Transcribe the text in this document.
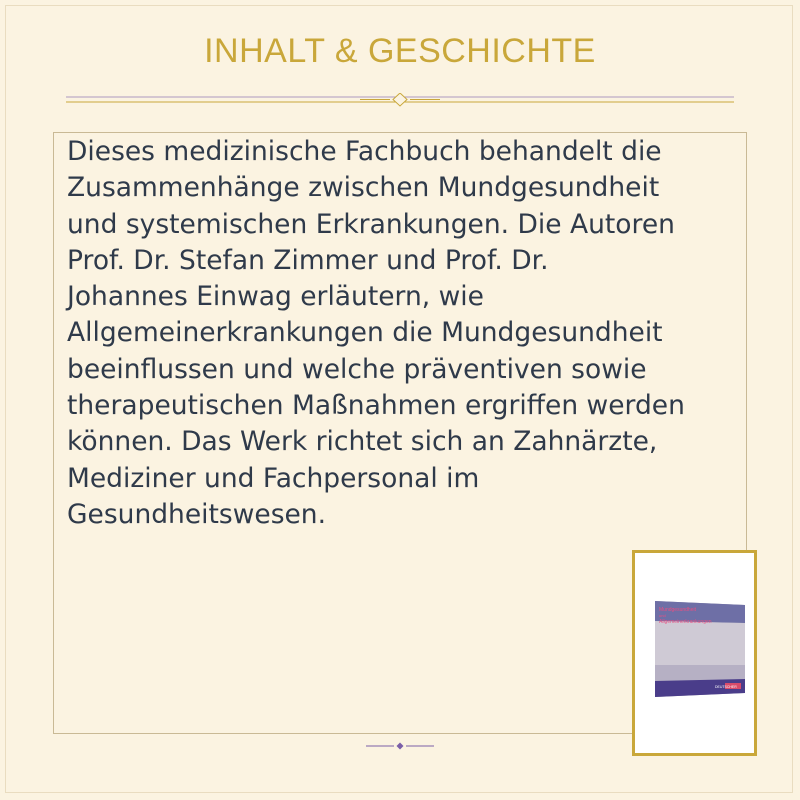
INHALT & GESCHICHTE

Dieses medizinische Fachbuch behandelt die
Zusammenhänge zwischen Mundgesundheit
und systemischen Erkrankungen. Die Autoren
Prof. Dr. Stefan Zimmer und Prof. Dr.
Johannes Einwag erläutern, wie
Allgemeinerkrankungen die Mundgesundheit
beeinflussen und welche präventiven sowie
therapeutischen Maßnahmen ergriffen werden
können. Das Werk richtet sich an Zahnärzte,
Mediziner und Fachpersonal im
Gesundheitswesen.

Mundgesundheit
und
Allgemeinerkrankungen
DEUTSCHER
